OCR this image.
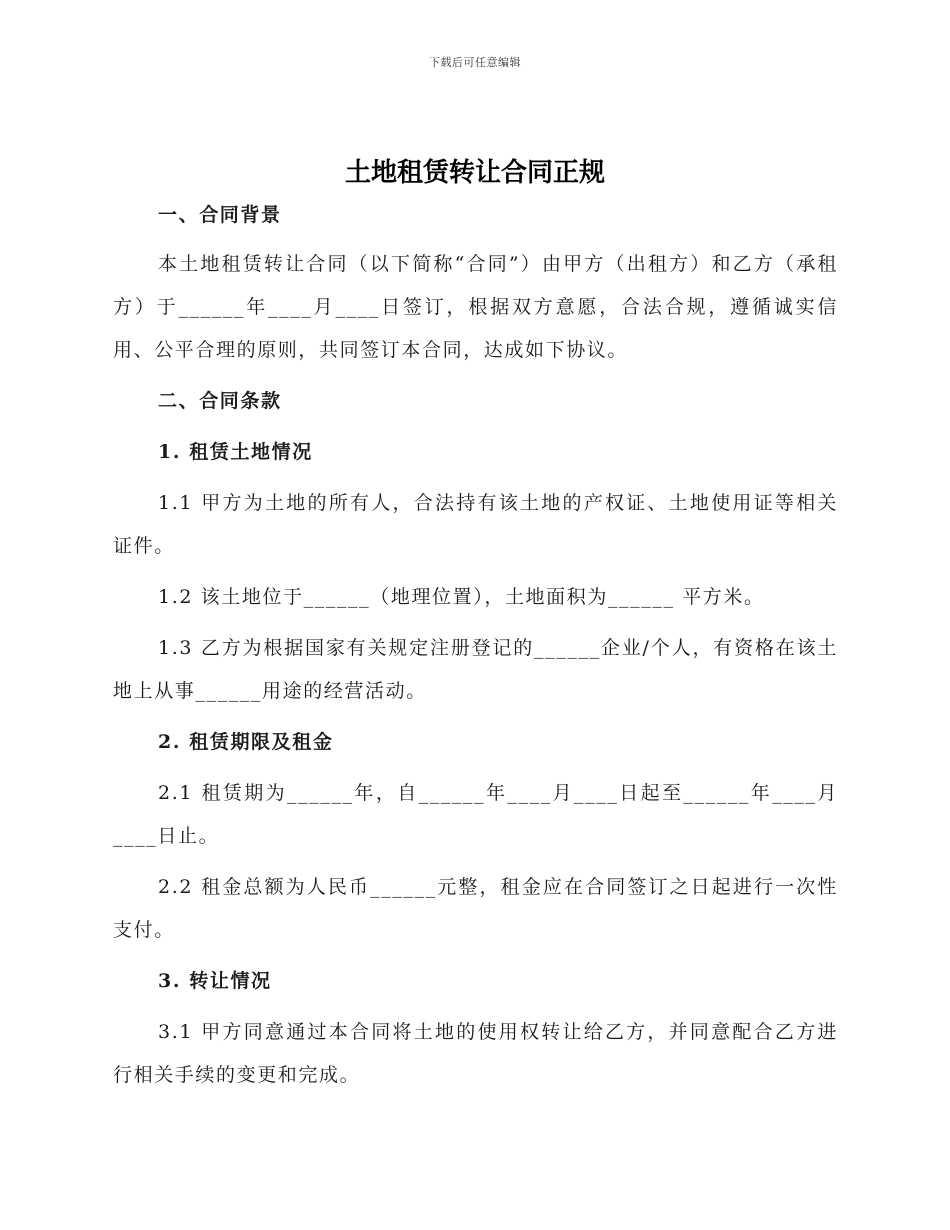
下载后可任意编辑
土地租赁转让合同正规
一、合同背景
本土地租赁转让合同（以下简称“合同”）由甲方（出租方）和乙方（承租方）于______年____月____日签订，根据双方意愿，合法合规，遵循诚实信用、公平合理的原则，共同签订本合同，达成如下协议。
二、合同条款
1. 租赁土地情况
1.1 甲方为土地的所有人，合法持有该土地的产权证、土地使用证等相关证件。
1.2 该土地位于______（地理位置），土地面积为______ 平方米。
1.3 乙方为根据国家有关规定注册登记的______企业/个人，有资格在该土地上从事______用途的经营活动。
2. 租赁期限及租金
2.1 租赁期为______年，自______年____月____日起至______年____月____日止。
2.2 租金总额为人民币______元整，租金应在合同签订之日起进行一次性支付。
3. 转让情况
3.1 甲方同意通过本合同将土地的使用权转让给乙方，并同意配合乙方进行相关手续的变更和完成。
